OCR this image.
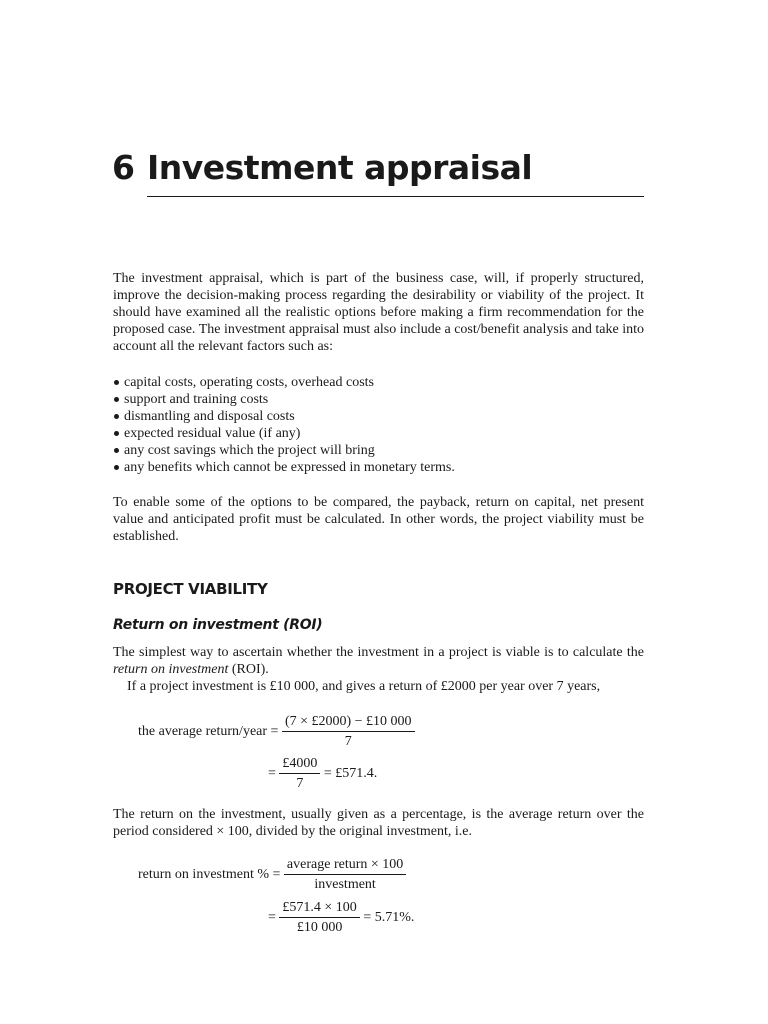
6 Investment appraisal

The investment appraisal, which is part of the business case, will, if properly structured, improve the decision-making process regarding the desirability or viability of the project. It should have examined all the realistic options before making a firm recommendation for the proposed case. The investment appraisal must also include a cost/benefit analysis and take into account all the relevant factors such as:

capital costs, operating costs, overhead costs
support and training costs
dismantling and disposal costs
expected residual value (if any)
any cost savings which the project will bring
any benefits which cannot be expressed in monetary terms.

To enable some of the options to be compared, the payback, return on capital, net present value and anticipated profit must be calculated. In other words, the project viability must be established.

PROJECT VIABILITY
Return on investment (ROI)
The simplest way to ascertain whether the investment in a project is viable is to calculate the return on investment (ROI).
If a project investment is £10 000, and gives a return of £2000 per year over 7 years,
the average return/year = $\frac{(7 \times £2000) - £10 000}{7}$
= $\frac{£4000}{7}$ = £571.4.

The return on the investment, usually given as a percentage, is the average return over the period considered × 100, divided by the original investment, i.e.

return on investment % = $\frac{\text{average return × 100}}{\text{investment}}$
= $\frac{£571.4 \times 100}{£10 000} = 5.71\%$.
